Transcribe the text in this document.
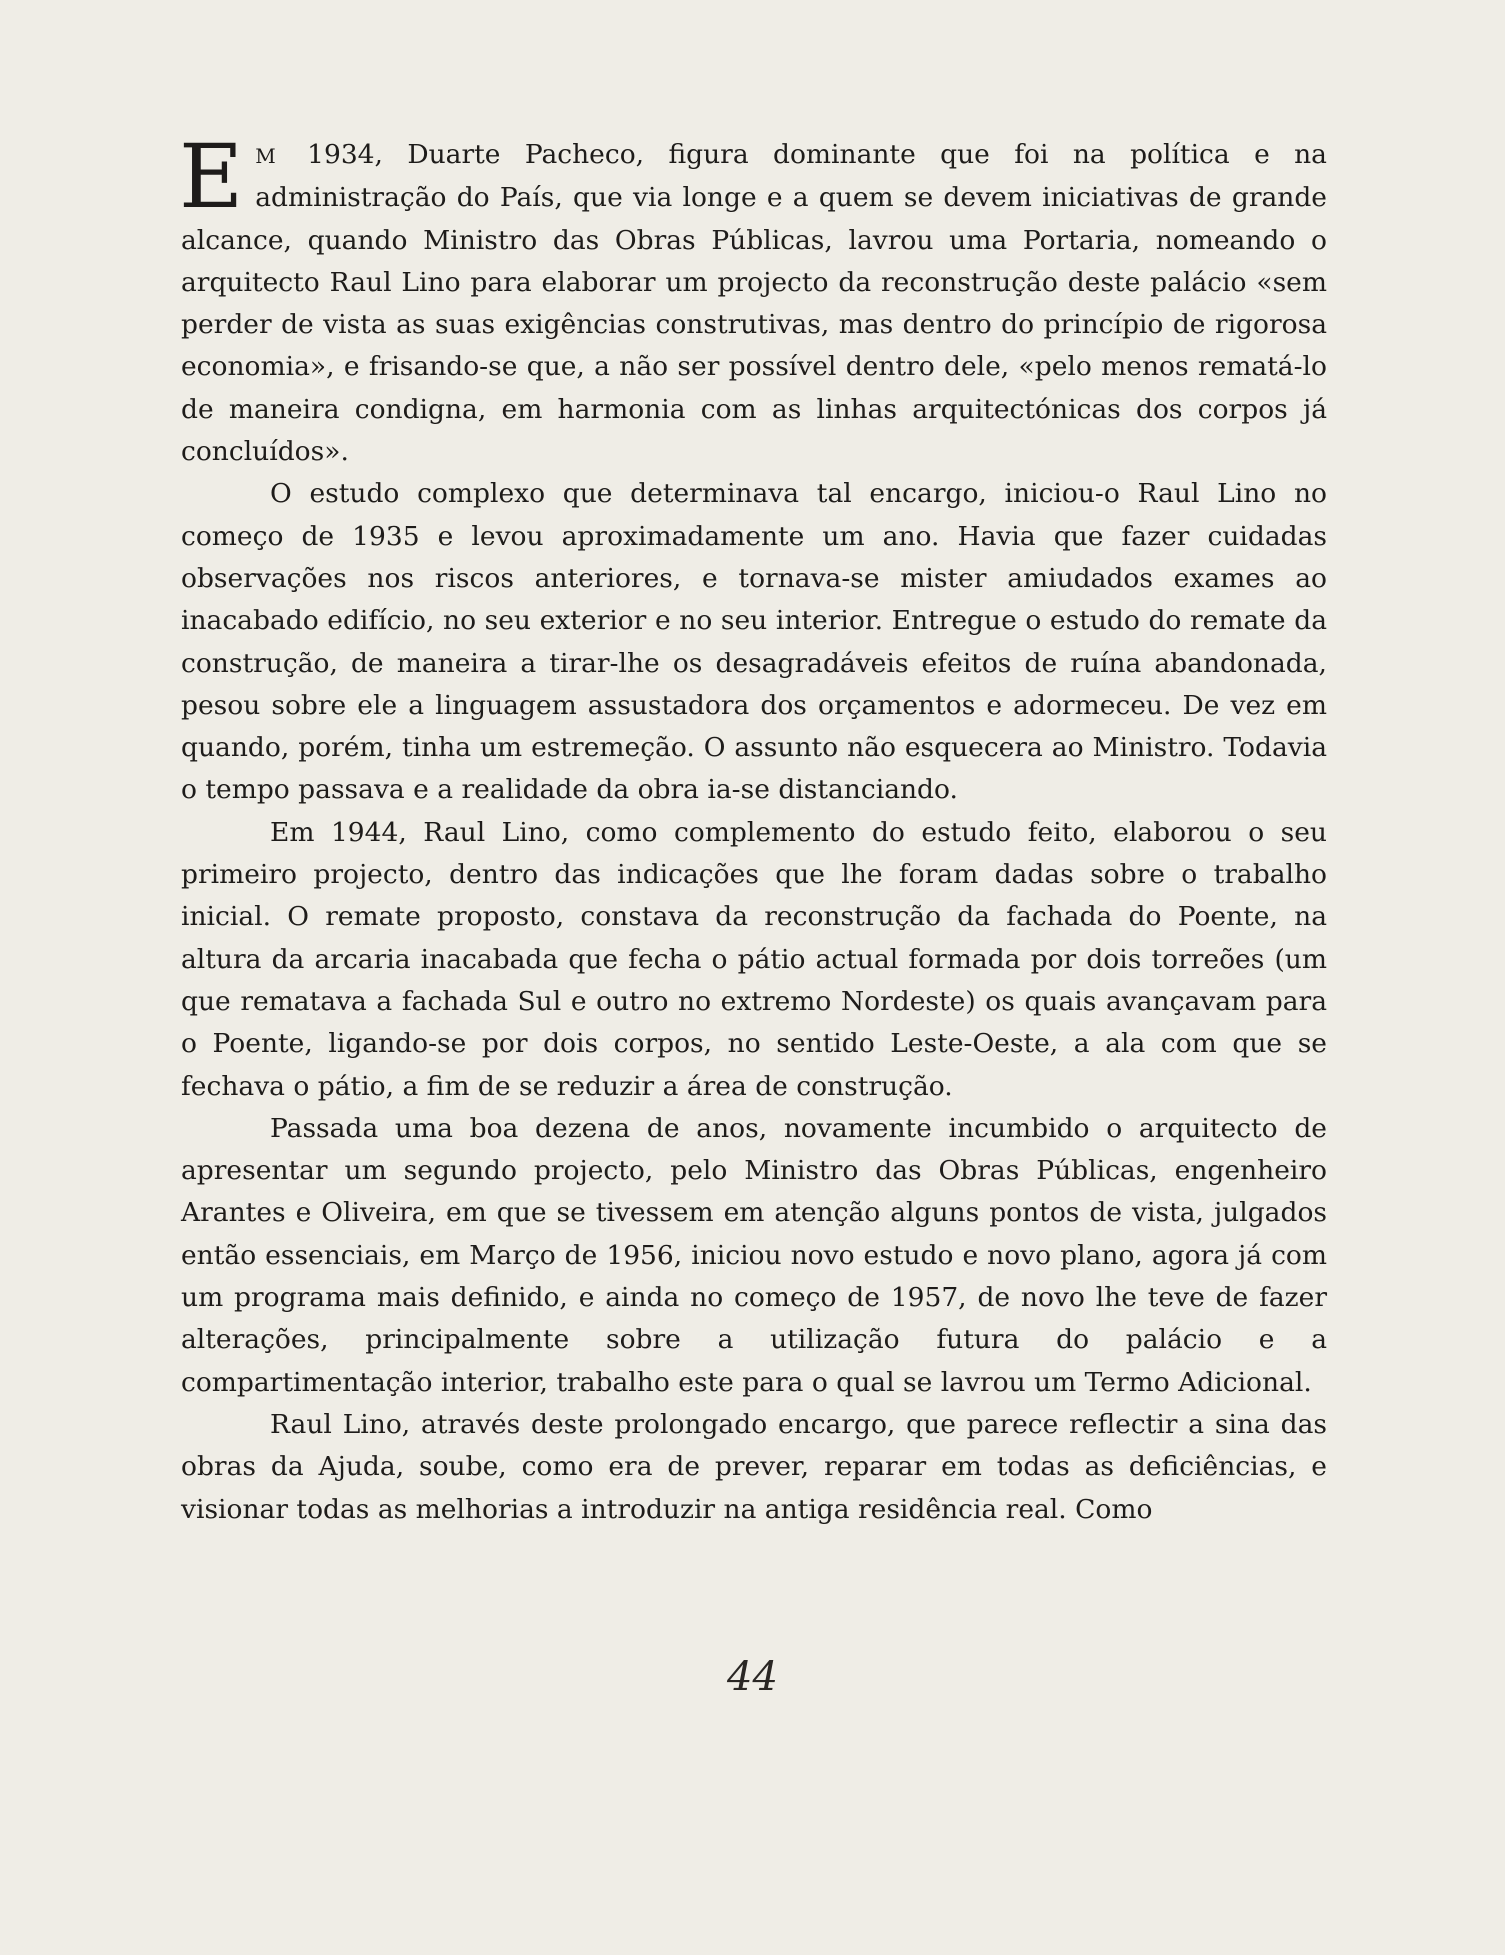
E M 1934, Duarte Pacheco, figura dominante que foi na política e na administração do País, que via longe e a quem se devem iniciativas de grande alcance, quando Ministro das Obras Públicas, lavrou uma Portaria, nomeando o arquitecto Raul Lino para elaborar um projecto da reconstrução deste palácio «sem perder de vista as suas exigências construtivas, mas dentro do princípio de rigorosa economia», e frisando-se que, a não ser possível dentro dele, «pelo menos rematá-lo de maneira condigna, em harmonia com as linhas arquitectónicas dos corpos já concluídos».

O estudo complexo que determinava tal encargo, iniciou-o Raul Lino no começo de 1935 e levou aproximadamente um ano. Havia que fazer cuidadas observações nos riscos anteriores, e tornava-se mister amiudados exames ao inacabado edifício, no seu exterior e no seu interior. Entregue o estudo do remate da construção, de maneira a tirar-lhe os desagradáveis efeitos de ruína abandonada, pesou sobre ele a linguagem assustadora dos orçamentos e adormeceu. De vez em quando, porém, tinha um estremeção. O assunto não esquecera ao Ministro. Todavia o tempo passava e a realidade da obra ia-se distanciando.

Em 1944, Raul Lino, como complemento do estudo feito, elaborou o seu primeiro projecto, dentro das indicações que lhe foram dadas sobre o trabalho inicial. O remate proposto, constava da reconstrução da fachada do Poente, na altura da arcaria inacabada que fecha o pátio actual formada por dois torreões (um que rematava a fachada Sul e outro no extremo Nordeste) os quais avançavam para o Poente, ligando-se por dois corpos, no sentido Leste-Oeste, a ala com que se fechava o pátio, a fim de se reduzir a área de construção.

Passada uma boa dezena de anos, novamente incumbido o arquitecto de apresentar um segundo projecto, pelo Ministro das Obras Públicas, engenheiro Arantes e Oliveira, em que se tivessem em atenção alguns pontos de vista, julgados então essenciais, em Março de 1956, iniciou novo estudo e novo plano, agora já com um programa mais definido, e ainda no começo de 1957, de novo lhe teve de fazer alterações, principalmente sobre a utilização futura do palácio e a compartimentação interior, trabalho este para o qual se lavrou um Termo Adicional.

Raul Lino, através deste prolongado encargo, que parece reflectir a sina das obras da Ajuda, soube, como era de prever, reparar em todas as deficiências, e visionar todas as melhorias a introduzir na antiga residência real. Como

44
